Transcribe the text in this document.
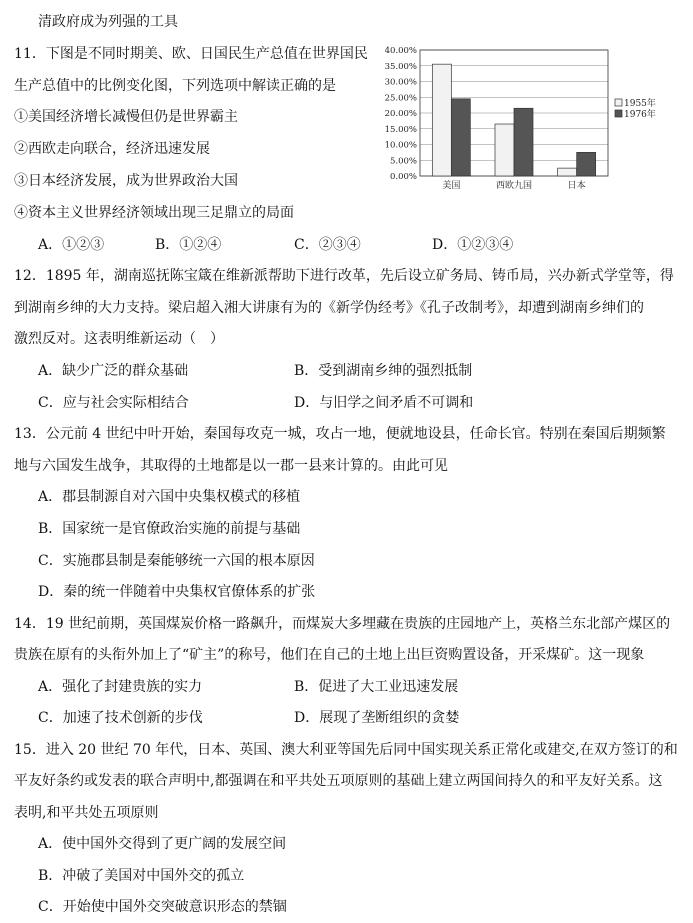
清政府成为列强的工具
11．下图是不同时期美、欧、日国民生产总值在世界国民
生产总值中的比例变化图，下列选项中解读正确的是
①美国经济增长减慢但仍是世界霸主
②西欧走向联合，经济迅速发展
③日本经济发展，成为世界政治大国
④资本主义世界经济领域出现三足鼎立的局面
A．①②③	B．①②④	C．②③④	D．①②③④
0.00%
5.00%
10.00%
15.00%
20.00%
25.00%
30.00%
35.00%
40.00%
美国	西欧九国	日本
1955年
1976年
12．1895 年，湖南巡抚陈宝箴在维新派帮助下进行改革，先后设立矿务局、铸币局，兴办新式学堂等，得
到湖南乡绅的大力支持。梁启超入湘大讲康有为的《新学伪经考》《孔子改制考》，却遭到湖南乡绅们的
激烈反对。这表明维新运动（　）
A．缺少广泛的群众基础	B．受到湖南乡绅的强烈抵制
C．应与社会实际相结合	D．与旧学之间矛盾不可调和
13．公元前 4 世纪中叶开始，秦国每攻克一城，攻占一地，便就地设县，任命长官。特别在秦国后期频繁
地与六国发生战争，其取得的土地都是以一郡一县来计算的。由此可见
A．郡县制源自对六国中央集权模式的移植
B．国家统一是官僚政治实施的前提与基础
C．实施郡县制是秦能够统一六国的根本原因
D．秦的统一伴随着中央集权官僚体系的扩张
14．19 世纪前期，英国煤炭价格一路飙升，而煤炭大多埋藏在贵族的庄园地产上，英格兰东北部产煤区的
贵族在原有的头衔外加上了“矿主”的称号，他们在自己的土地上出巨资购置设备，开采煤矿。这一现象
A．强化了封建贵族的实力	B．促进了大工业迅速发展
C．加速了技术创新的步伐	D．展现了垄断组织的贪婪
15．进入 20 世纪 70 年代，日本、英国、澳大利亚等国先后同中国实现关系正常化或建交,在双方签订的和
平友好条约或发表的联合声明中,都强调在和平共处五项原则的基础上建立两国间持久的和平友好关系。这
表明,和平共处五项原则
A．使中国外交得到了更广阔的发展空间
B．冲破了美国对中国外交的孤立
C．开始使中国外交突破意识形态的禁锢
